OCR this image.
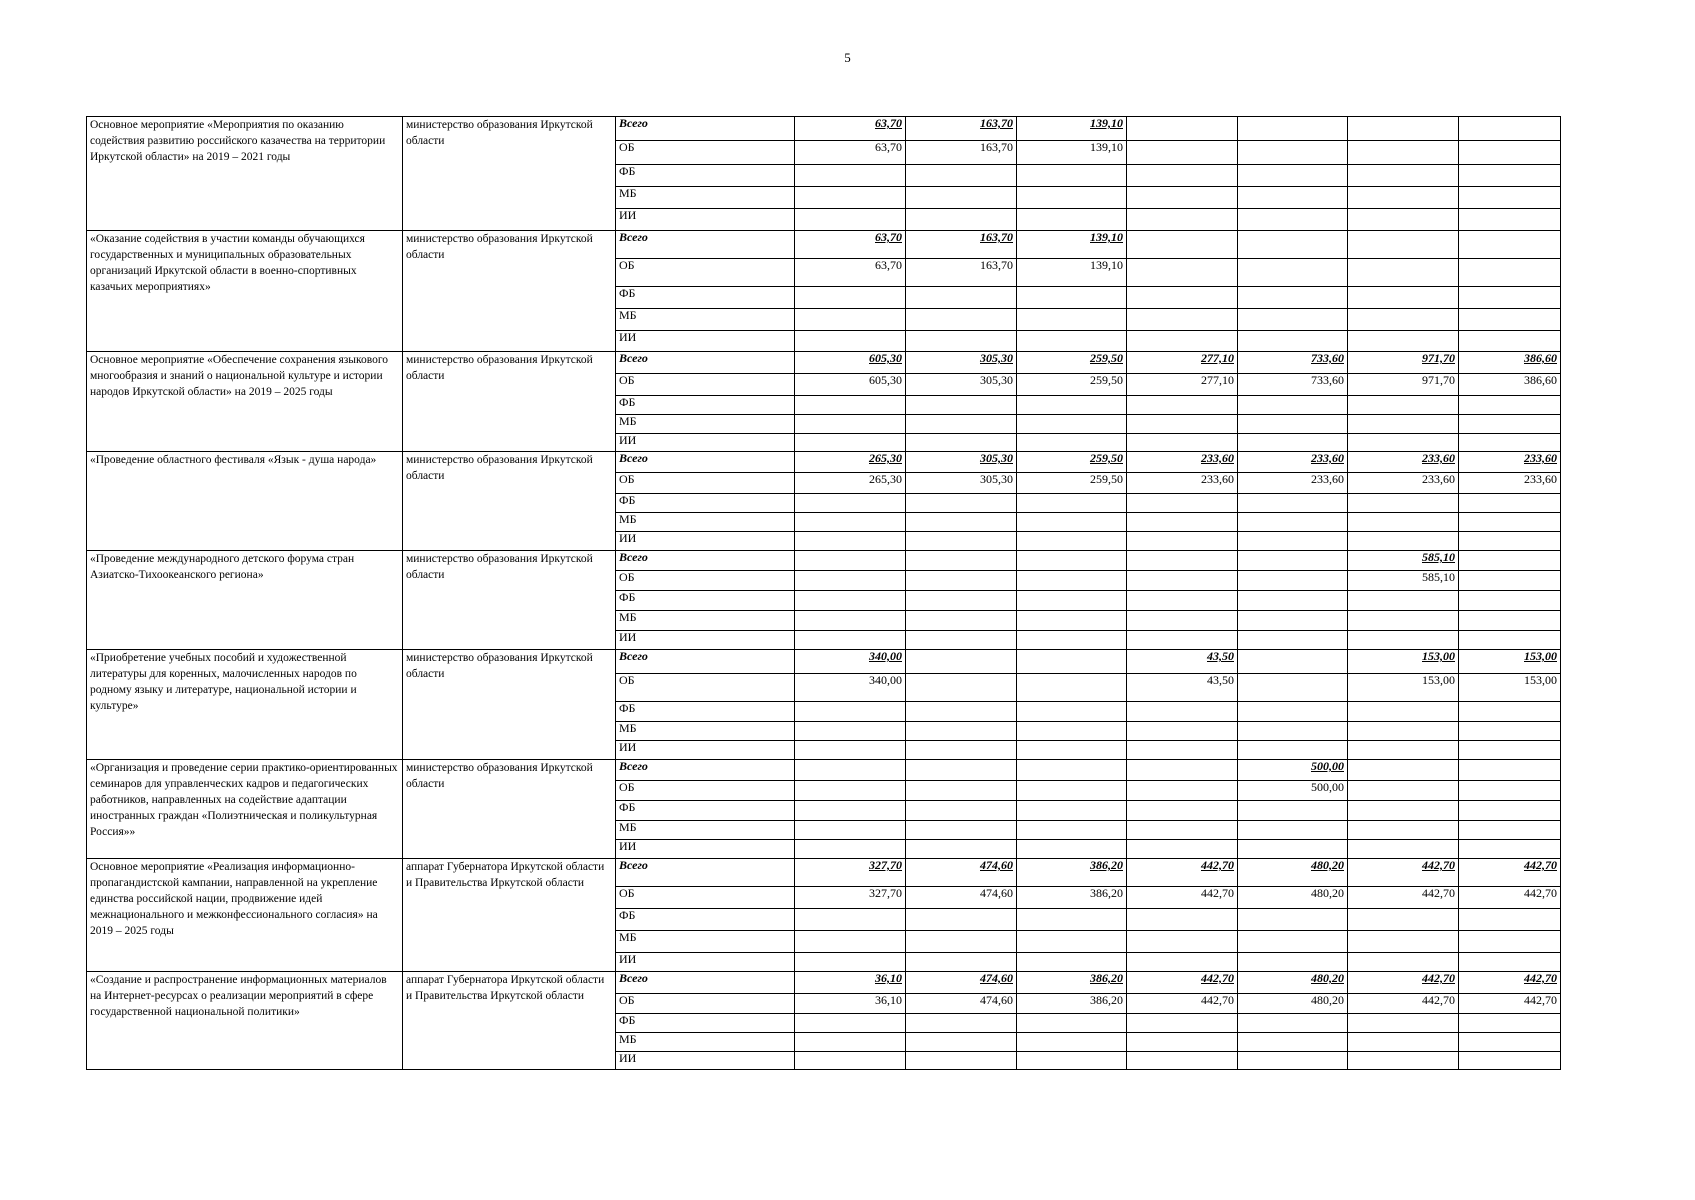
5
Основное мероприятие «Мероприятия по оказанию содействия развитию российского казачества на территории Иркутской области» на 2019 – 2021 годы	министерство образования Иркутской области	Всего	63,70	163,70	139,10				
		ОБ	63,70	163,70	139,10				
		ФБ							
		МБ							
		ИИ							
«Оказание содействия в участии команды обучающихся государственных и муниципальных образовательных организаций Иркутской области в военно-спортивных казачьих мероприятиях»	министерство образования Иркутской области	Всего	63,70	163,70	139,10				
		ОБ	63,70	163,70	139,10				
		ФБ							
		МБ							
		ИИ							
Основное мероприятие «Обеспечение сохранения языкового многообразия и знаний о национальной культуре и истории народов Иркутской области» на 2019 – 2025 годы	министерство образования Иркутской области	Всего	605,30	305,30	259,50	277,10	733,60	971,70	386,60
		ОБ	605,30	305,30	259,50	277,10	733,60	971,70	386,60
		ФБ							
		МБ							
		ИИ							
«Проведение областного фестиваля «Язык - душа народа»	министерство образования Иркутской области	Всего	265,30	305,30	259,50	233,60	233,60	233,60	233,60
		ОБ	265,30	305,30	259,50	233,60	233,60	233,60	233,60
		ФБ							
		МБ							
		ИИ							
«Проведение международного детского форума стран Азиатско-Тихоокеанского региона»	министерство образования Иркутской области	Всего						585,10	
		ОБ						585,10	
		ФБ							
		МБ							
		ИИ							
«Приобретение учебных пособий и художественной литературы для коренных, малочисленных народов по родному языку и литературе, национальной истории и культуре»	министерство образования Иркутской области	Всего	340,00			43,50		153,00	153,00
		ОБ	340,00			43,50		153,00	153,00
		ФБ							
		МБ							
		ИИ							
«Организация и проведение серии практико-ориентированных семинаров для управленческих кадров и педагогических работников, направленных на содействие адаптации иностранных граждан «Полиэтническая и поликультурная Россия»»	министерство образования Иркутской области	Всего					500,00		
		ОБ					500,00		
		ФБ							
		МБ							
		ИИ							
Основное мероприятие «Реализация информационно-пропагандистской кампании, направленной на укрепление единства российской нации, продвижение идей межнационального и межконфессионального согласия» на 2019 – 2025 годы	аппарат Губернатора Иркутской области и Правительства Иркутской области	Всего	327,70	474,60	386,20	442,70	480,20	442,70	442,70
		ОБ	327,70	474,60	386,20	442,70	480,20	442,70	442,70
		ФБ							
		МБ							
		ИИ							
«Создание и распространение информационных материалов на Интернет-ресурсах о реализации мероприятий в сфере государственной национальной политики»	аппарат Губернатора Иркутской области и Правительства Иркутской области	Всего	36,10	474,60	386,20	442,70	480,20	442,70	442,70
		ОБ	36,10	474,60	386,20	442,70	480,20	442,70	442,70
		ФБ							
		МБ							
		ИИ							
